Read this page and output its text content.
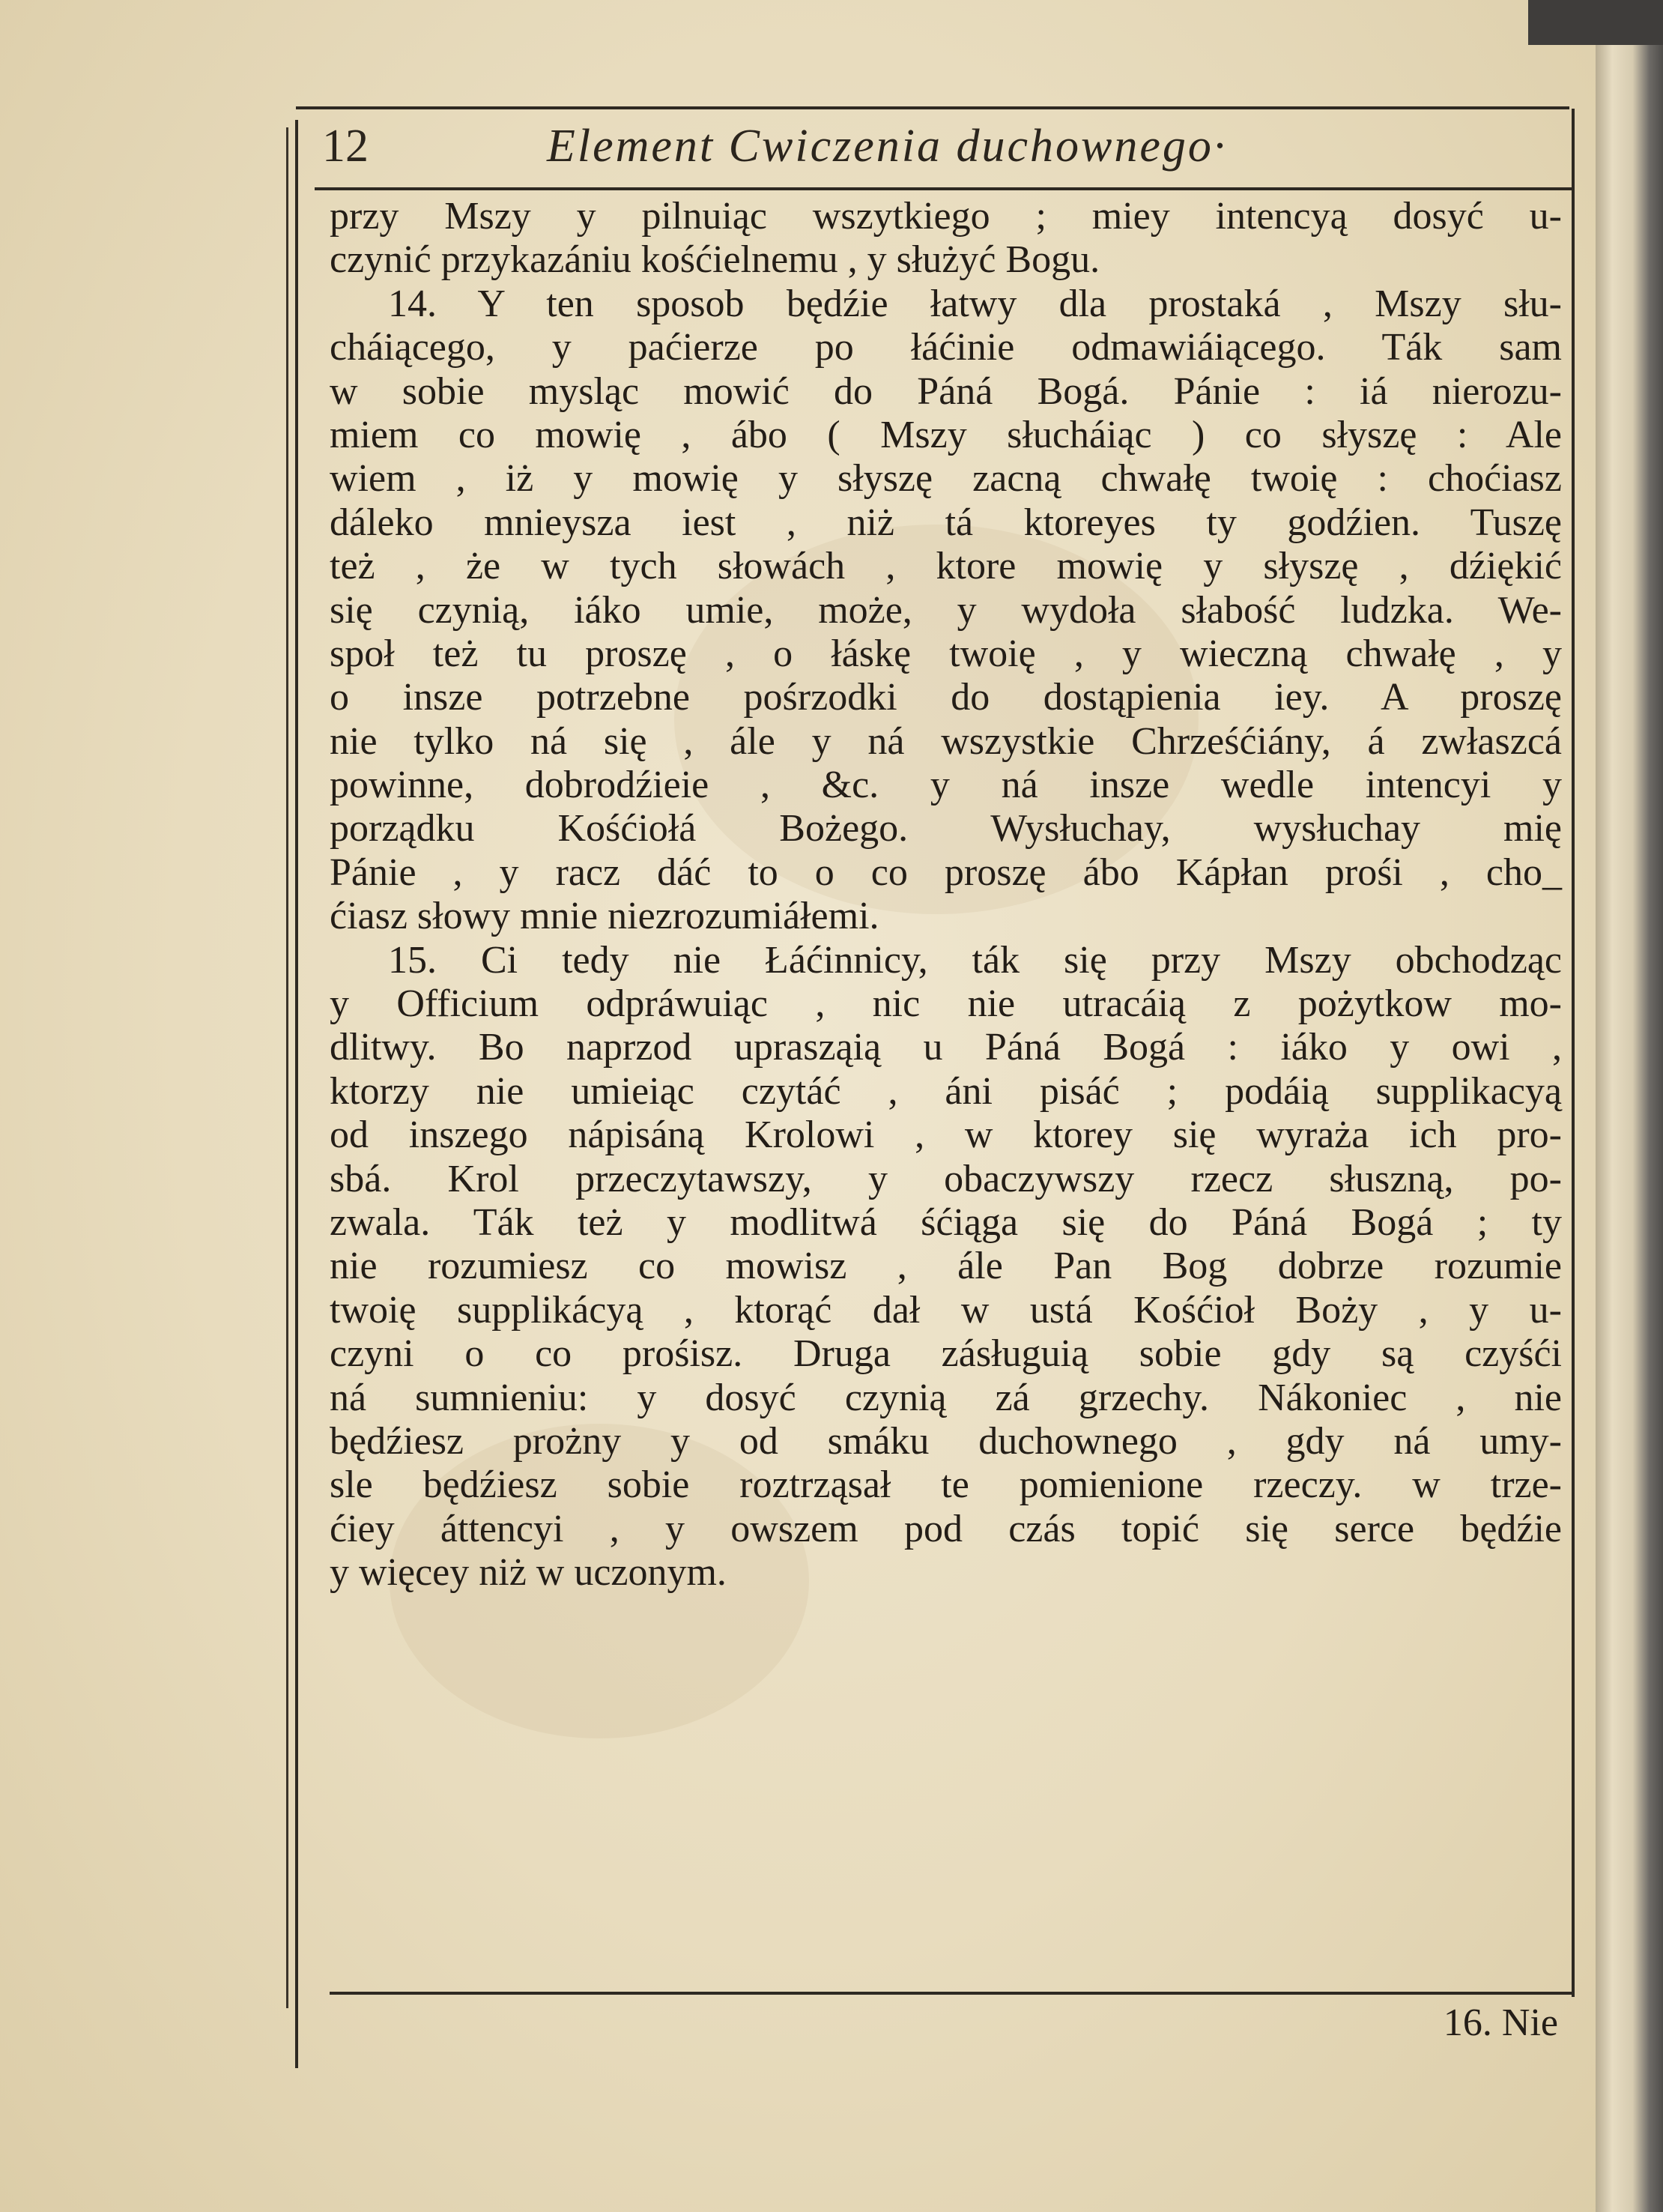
12	Element Cwiczenia duchownego·
przy Mszy y pilnuiąc wszytkiego ; miey intencyą dosyć u-
czynić przykazániu kośćielnemu , y służyć Bogu.
14. Y ten sposob będźie łatwy dla prostaká , Mszy słu-
cháiącego, y paćierze po łáćinie odmawiáiącego. Ták sam
w sobie mysląc mowić do Páná Bogá. Pánie : iá nierozu-
miem co mowię , ábo ( Mszy słucháiąc ) co słyszę : Ale
wiem , iż y mowię y słyszę zacną chwałę twoię : choćiasz
dáleko mnieysza iest , niż tá ktoreyes ty godźien. Tuszę
też , że w tych słowách , ktore mowię y słyszę , dźiękić
się czynią, iáko umie, może, y wydoła słabość ludzka. We-
społ też tu proszę , o łáskę twoię , y wieczną chwałę , y
o insze potrzebne pośrzodki do dostąpienia iey. A proszę
nie tylko ná się , ále y ná wszystkie Chrześćiány, á zwłaszcá
powinne, dobrodźieie , &c. y ná insze wedle intencyi y
porządku Kośćiołá Bożego. Wysłuchay, wysłuchay mię
Pánie , y racz dáć to o co proszę ábo Kápłan prośi , cho_
ćiasz słowy mnie niezrozumiáłemi.
15. Ci tedy nie Łáćinnicy, ták się przy Mszy obchodząc
y Officium odpráwuiąc , nic nie utracáią z pożytkow mo-
dlitwy. Bo naprzod uprasząią u Páná Bogá : iáko y owi ,
ktorzy nie umieiąc czytáć , áni pisáć ; podáią supplikacyą
od inszego nápisáną Krolowi , w ktorey się wyraża ich pro-
sbá. Krol przeczytawszy, y obaczywszy rzecz słuszną, po-
zwala. Ták też y modlitwá śćiąga się do Páná Bogá ; ty
nie rozumiesz co mowisz , ále Pan Bog dobrze rozumie
twoię supplikácyą , ktorąć dał w ustá Kośćioł Boży , y u-
czyni o co prośisz. Druga zásługuią sobie gdy są czyśći
ná sumnieniu: y dosyć czynią zá grzechy. Nákoniec , nie
będźiesz prożny y od smáku duchownego , gdy ná umy-
sle będźiesz sobie roztrząsał te pomienione rzeczy. w trze-
ćiey áttencyi , y owszem pod czás topić się serce będźie
y więcey niż w uczonym.
16. Nie
